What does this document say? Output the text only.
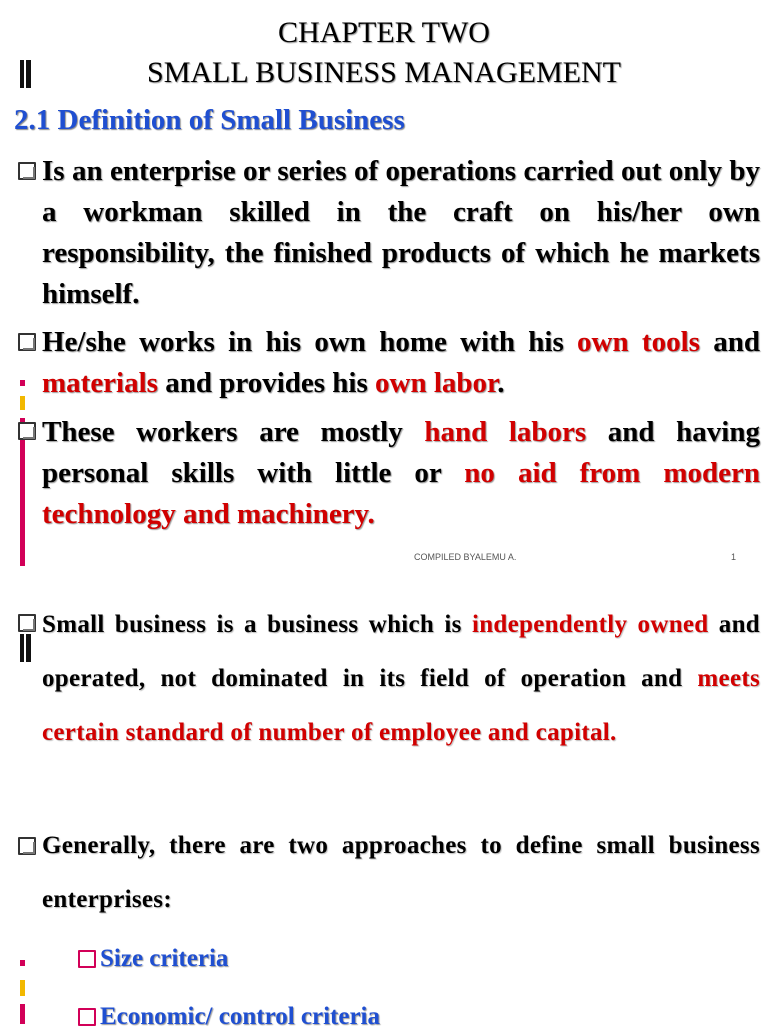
CHAPTER TWO
SMALL BUSINESS MANAGEMENT
2.1 Definition of Small Business
Is an enterprise or series of operations carried out only by a workman skilled in the craft on his/her own responsibility, the finished products of which he markets himself.
He/she works in his own home with his own tools and materials and provides his own labor.
These workers are mostly hand labors and having personal skills with little or no aid from modern technology and machinery.
COMPILED BYALEMU A.	1
Small business is a business which is independently owned and operated, not dominated in its field of operation and meets certain standard of number of employee and capital.
Generally, there are two approaches to define small business enterprises:
Size criteria
Economic/ control criteria
